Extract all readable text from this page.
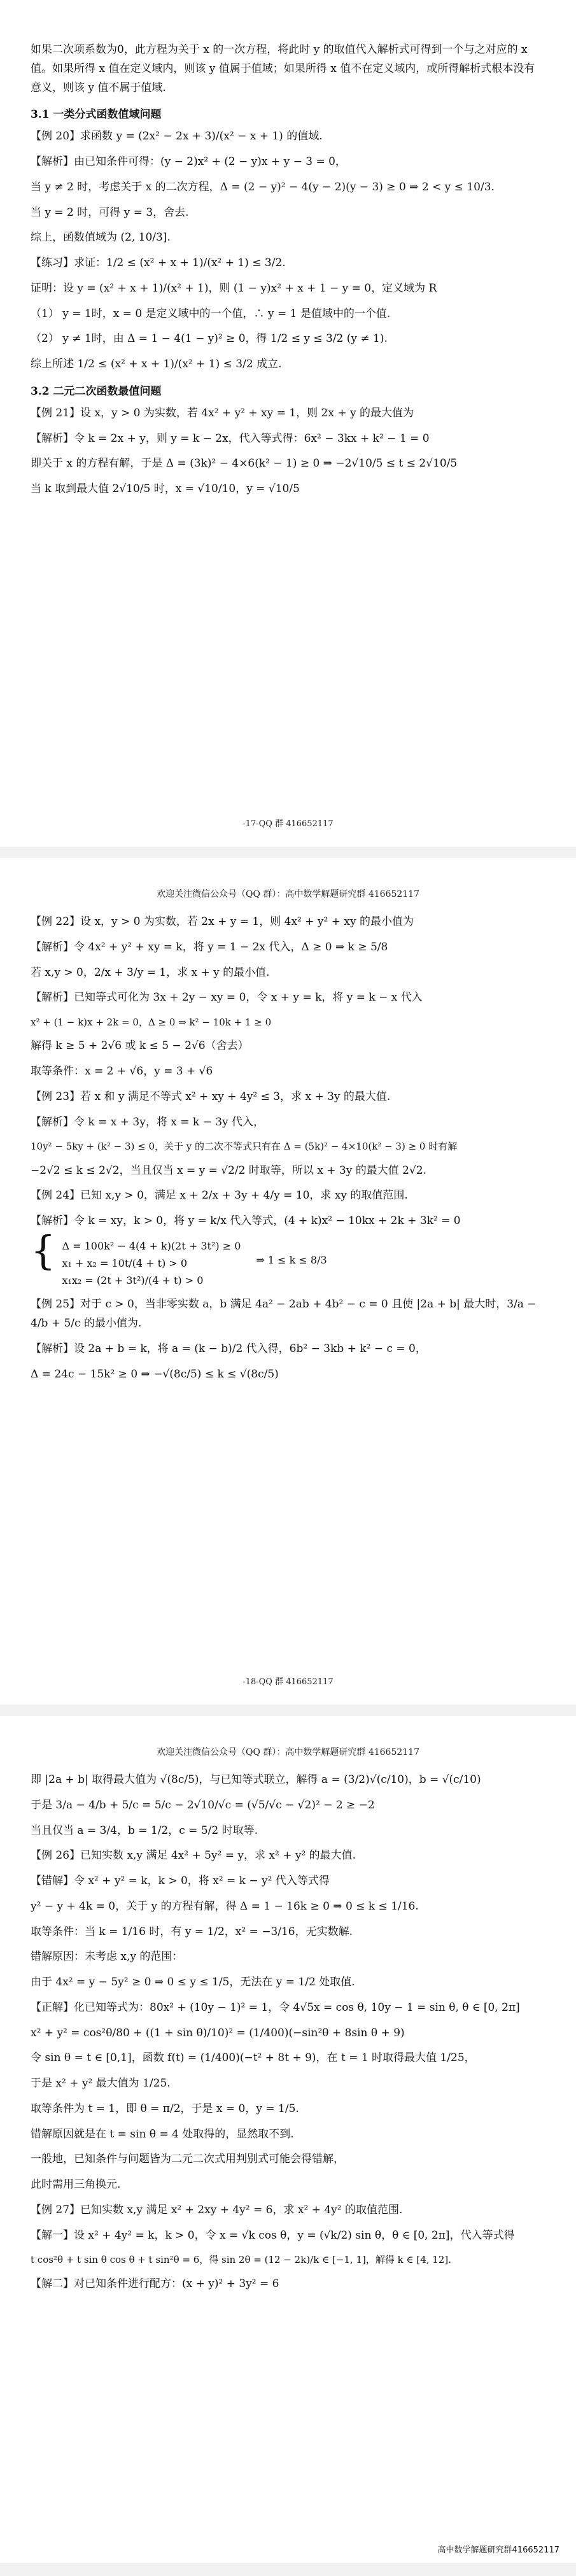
如果二次项系数为0，此方程为关于 x 的一次方程，将此时 y 的取值代入解析式可得到一个与之对应的 x 值。如果所得 x 值在定义域内，则该 y 值属于值域；如果所得 x 值不在定义域内，或所得解析式根本没有意义，则该 y 值不属于值域.
3.1 一类分式函数值域问题
【例 20】求函数 y = (2x² − 2x + 3)/(x² − x + 1) 的值域.
【解析】由已知条件可得：(y − 2)x² + (2 − y)x + y − 3 = 0，
当 y ≠ 2 时，考虑关于 x 的二次方程，Δ = (2 − y)² − 4(y − 2)(y − 3) ≥ 0 ⇒ 2 < y ≤ 10/3.
当 y = 2 时，可得 y = 3，舍去.
综上，函数值域为 (2, 10/3].
【练习】求证：1/2 ≤ (x² + x + 1)/(x² + 1) ≤ 3/2.
证明：设 y = (x² + x + 1)/(x² + 1)，则 (1 − y)x² + x + 1 − y = 0，定义域为 R
（1） y = 1时，x = 0 是定义域中的一个值，∴ y = 1 是值域中的一个值.
（2） y ≠ 1时，由 Δ = 1 − 4(1 − y)² ≥ 0，得 1/2 ≤ y ≤ 3/2 (y ≠ 1).
综上所述 1/2 ≤ (x² + x + 1)/(x² + 1) ≤ 3/2 成立.
3.2 二元二次函数最值问题
【例 21】设 x，y > 0 为实数，若 4x² + y² + xy = 1，则 2x + y 的最大值为
【解析】令 k = 2x + y，则 y = k − 2x，代入等式得：6x² − 3kx + k² − 1 = 0
即关于 x 的方程有解，于是 Δ = (3k)² − 4×6(k² − 1) ≥ 0 ⇒ −2√10/5 ≤ t ≤ 2√10/5
当 k 取到最大值 2√10/5 时，x = √10/10，y = √10/5
-17-QQ 群 416652117
欢迎关注微信公众号（QQ 群）：高中数学解题研究群 416652117
【例 22】设 x，y > 0 为实数，若 2x + y = 1，则 4x² + y² + xy 的最小值为
【解析】令 4x² + y² + xy = k，将 y = 1 − 2x 代入，Δ ≥ 0 ⇒ k ≥ 5/8
若 x,y > 0，2/x + 3/y = 1，求 x + y 的最小值.
【解析】已知等式可化为 3x + 2y − xy = 0，令 x + y = k，将 y = k − x 代入
x² + (1 − k)x + 2k = 0，Δ ≥ 0 ⇒ k² − 10k + 1 ≥ 0
解得 k ≥ 5 + 2√6 或 k ≤ 5 − 2√6（舍去）
取等条件：x = 2 + √6，y = 3 + √6
【例 23】若 x 和 y 满足不等式 x² + xy + 4y² ≤ 3，求 x + 3y 的最大值.
【解析】令 k = x + 3y，将 x = k − 3y 代入，
10y² − 5ky + (k² − 3) ≤ 0，关于 y 的二次不等式只有在 Δ = (5k)² − 4×10(k² − 3) ≥ 0 时有解
−2√2 ≤ k ≤ 2√2，当且仅当 x = y = √2/2 时取等，所以 x + 3y 的最大值 2√2.
【例 24】已知 x,y > 0，满足 x + 2/x + 3y + 4/y = 10，求 xy 的取值范围.
【解析】令 k = xy，k > 0，将 y = k/x 代入等式，(4 + k)x² − 10kx + 2k + 3k² = 0
{ Δ = 100k² − 4(4 + k)(2t + 3t²) ≥ 0
x₁ + x₂ = 10t/(4 + t) > 0
x₁x₂ = (2t + 3t²)/(4 + t) > 0
⇒ 1 ≤ k ≤ 8/3
【例 25】对于 c > 0，当非零实数 a，b 满足 4a² − 2ab + 4b² − c = 0 且使 |2a + b| 最大时，3/a − 4/b + 5/c 的最小值为.
【解析】设 2a + b = k，将 a = (k − b)/2 代入得，6b² − 3kb + k² − c = 0，
Δ = 24c − 15k² ≥ 0 ⇒ −√(8c/5) ≤ k ≤ √(8c/5)
-18-QQ 群 416652117
欢迎关注微信公众号（QQ 群）：高中数学解题研究群 416652117
即 |2a + b| 取得最大值为 √(8c/5)，与已知等式联立，解得 a = (3/2)√(c/10)，b = √(c/10)
于是 3/a − 4/b + 5/c = 5/c − 2√10/√c = (√5/√c − √2)² − 2 ≥ −2
当且仅当 a = 3/4，b = 1/2，c = 5/2 时取等.
【例 26】已知实数 x,y 满足 4x² + 5y² = y，求 x² + y² 的最大值.
【错解】令 x² + y² = k，k > 0，将 x² = k − y² 代入等式得
y² − y + 4k = 0，关于 y 的方程有解，得 Δ = 1 − 16k ≥ 0 ⇒ 0 ≤ k ≤ 1/16.
取等条件：当 k = 1/16 时，有 y = 1/2，x² = −3/16，无实数解.
错解原因：未考虑 x,y 的范围：
由于 4x² = y − 5y² ≥ 0 ⇒ 0 ≤ y ≤ 1/5，无法在 y = 1/2 处取值.
【正解】化已知等式为：80x² + (10y − 1)² = 1，令 4√5x = cos θ, 10y − 1 = sin θ, θ ∈ [0, 2π]
x² + y² = cos²θ/80 + ((1 + sin θ)/10)² = (1/400)(−sin²θ + 8sin θ + 9)
令 sin θ = t ∈ [0,1]，函数 f(t) = (1/400)(−t² + 8t + 9)，在 t = 1 时取得最大值 1/25，
于是 x² + y² 最大值为 1/25.
取等条件为 t = 1，即 θ = π/2，于是 x = 0，y = 1/5.
错解原因就是在 t = sin θ = 4 处取得的，显然取不到.
一般地，已知条件与问题皆为二元二次式用判别式可能会得错解，
此时需用三角换元.
【例 27】已知实数 x,y 满足 x² + 2xy + 4y² = 6，求 x² + 4y² 的取值范围.
【解一】设 x² + 4y² = k，k > 0，令 x = √k cos θ，y = (√k/2) sin θ，θ ∈ [0, 2π]，代入等式得
t cos²θ + t sin θ cos θ + t sin²θ = 6，得 sin 2θ = (12 − 2k)/k ∈ [−1, 1]，解得 k ∈ [4, 12].
【解二】对已知条件进行配方：(x + y)² + 3y² = 6
高中数学解题研究群416652117
